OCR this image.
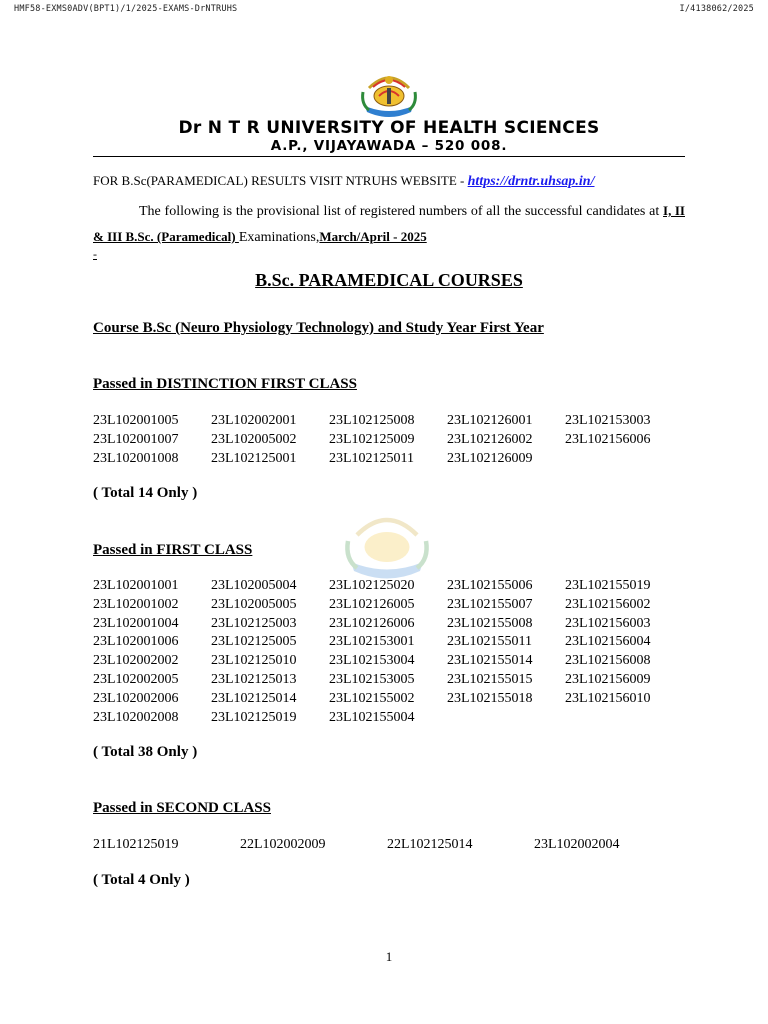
HMF58-EXMS0ADV(BPT1)/1/2025-EXAMS-DrNTRUHS	I/4138062/2025
Dr N T R UNIVERSITY OF HEALTH SCIENCES
A.P., VIJAYAWADA – 520 008.
FOR B.Sc(PARAMEDICAL) RESULTS VISIT NTRUHS WEBSITE - https://drntr.uhsap.in/
The following is the provisional list of registered numbers of all the successful candidates at I, II & III B.Sc. (Paramedical) Examinations,March/April - 2025
-
B.Sc. PARAMEDICAL COURSES
Course B.Sc (Neuro Physiology Technology) and Study Year First Year
Passed in DISTINCTION FIRST CLASS
23L102001005	23L102002001	23L102125008	23L102126001	23L102153003
23L102001007	23L102005002	23L102125009	23L102126002	23L102156006
23L102001008	23L102125001	23L102125011	23L102126009
( Total 14 Only )
Passed in FIRST CLASS
23L102001001	23L102005004	23L102125020	23L102155006	23L102155019
23L102001002	23L102005005	23L102126005	23L102155007	23L102156002
23L102001004	23L102125003	23L102126006	23L102155008	23L102156003
23L102001006	23L102125005	23L102153001	23L102155011	23L102156004
23L102002002	23L102125010	23L102153004	23L102155014	23L102156008
23L102002005	23L102125013	23L102153005	23L102155015	23L102156009
23L102002006	23L102125014	23L102155002	23L102155018	23L102156010
23L102002008	23L102125019	23L102155004
( Total 38 Only )
Passed in SECOND CLASS
21L102125019	22L102002009	22L102125014	23L102002004
( Total 4 Only )
1
